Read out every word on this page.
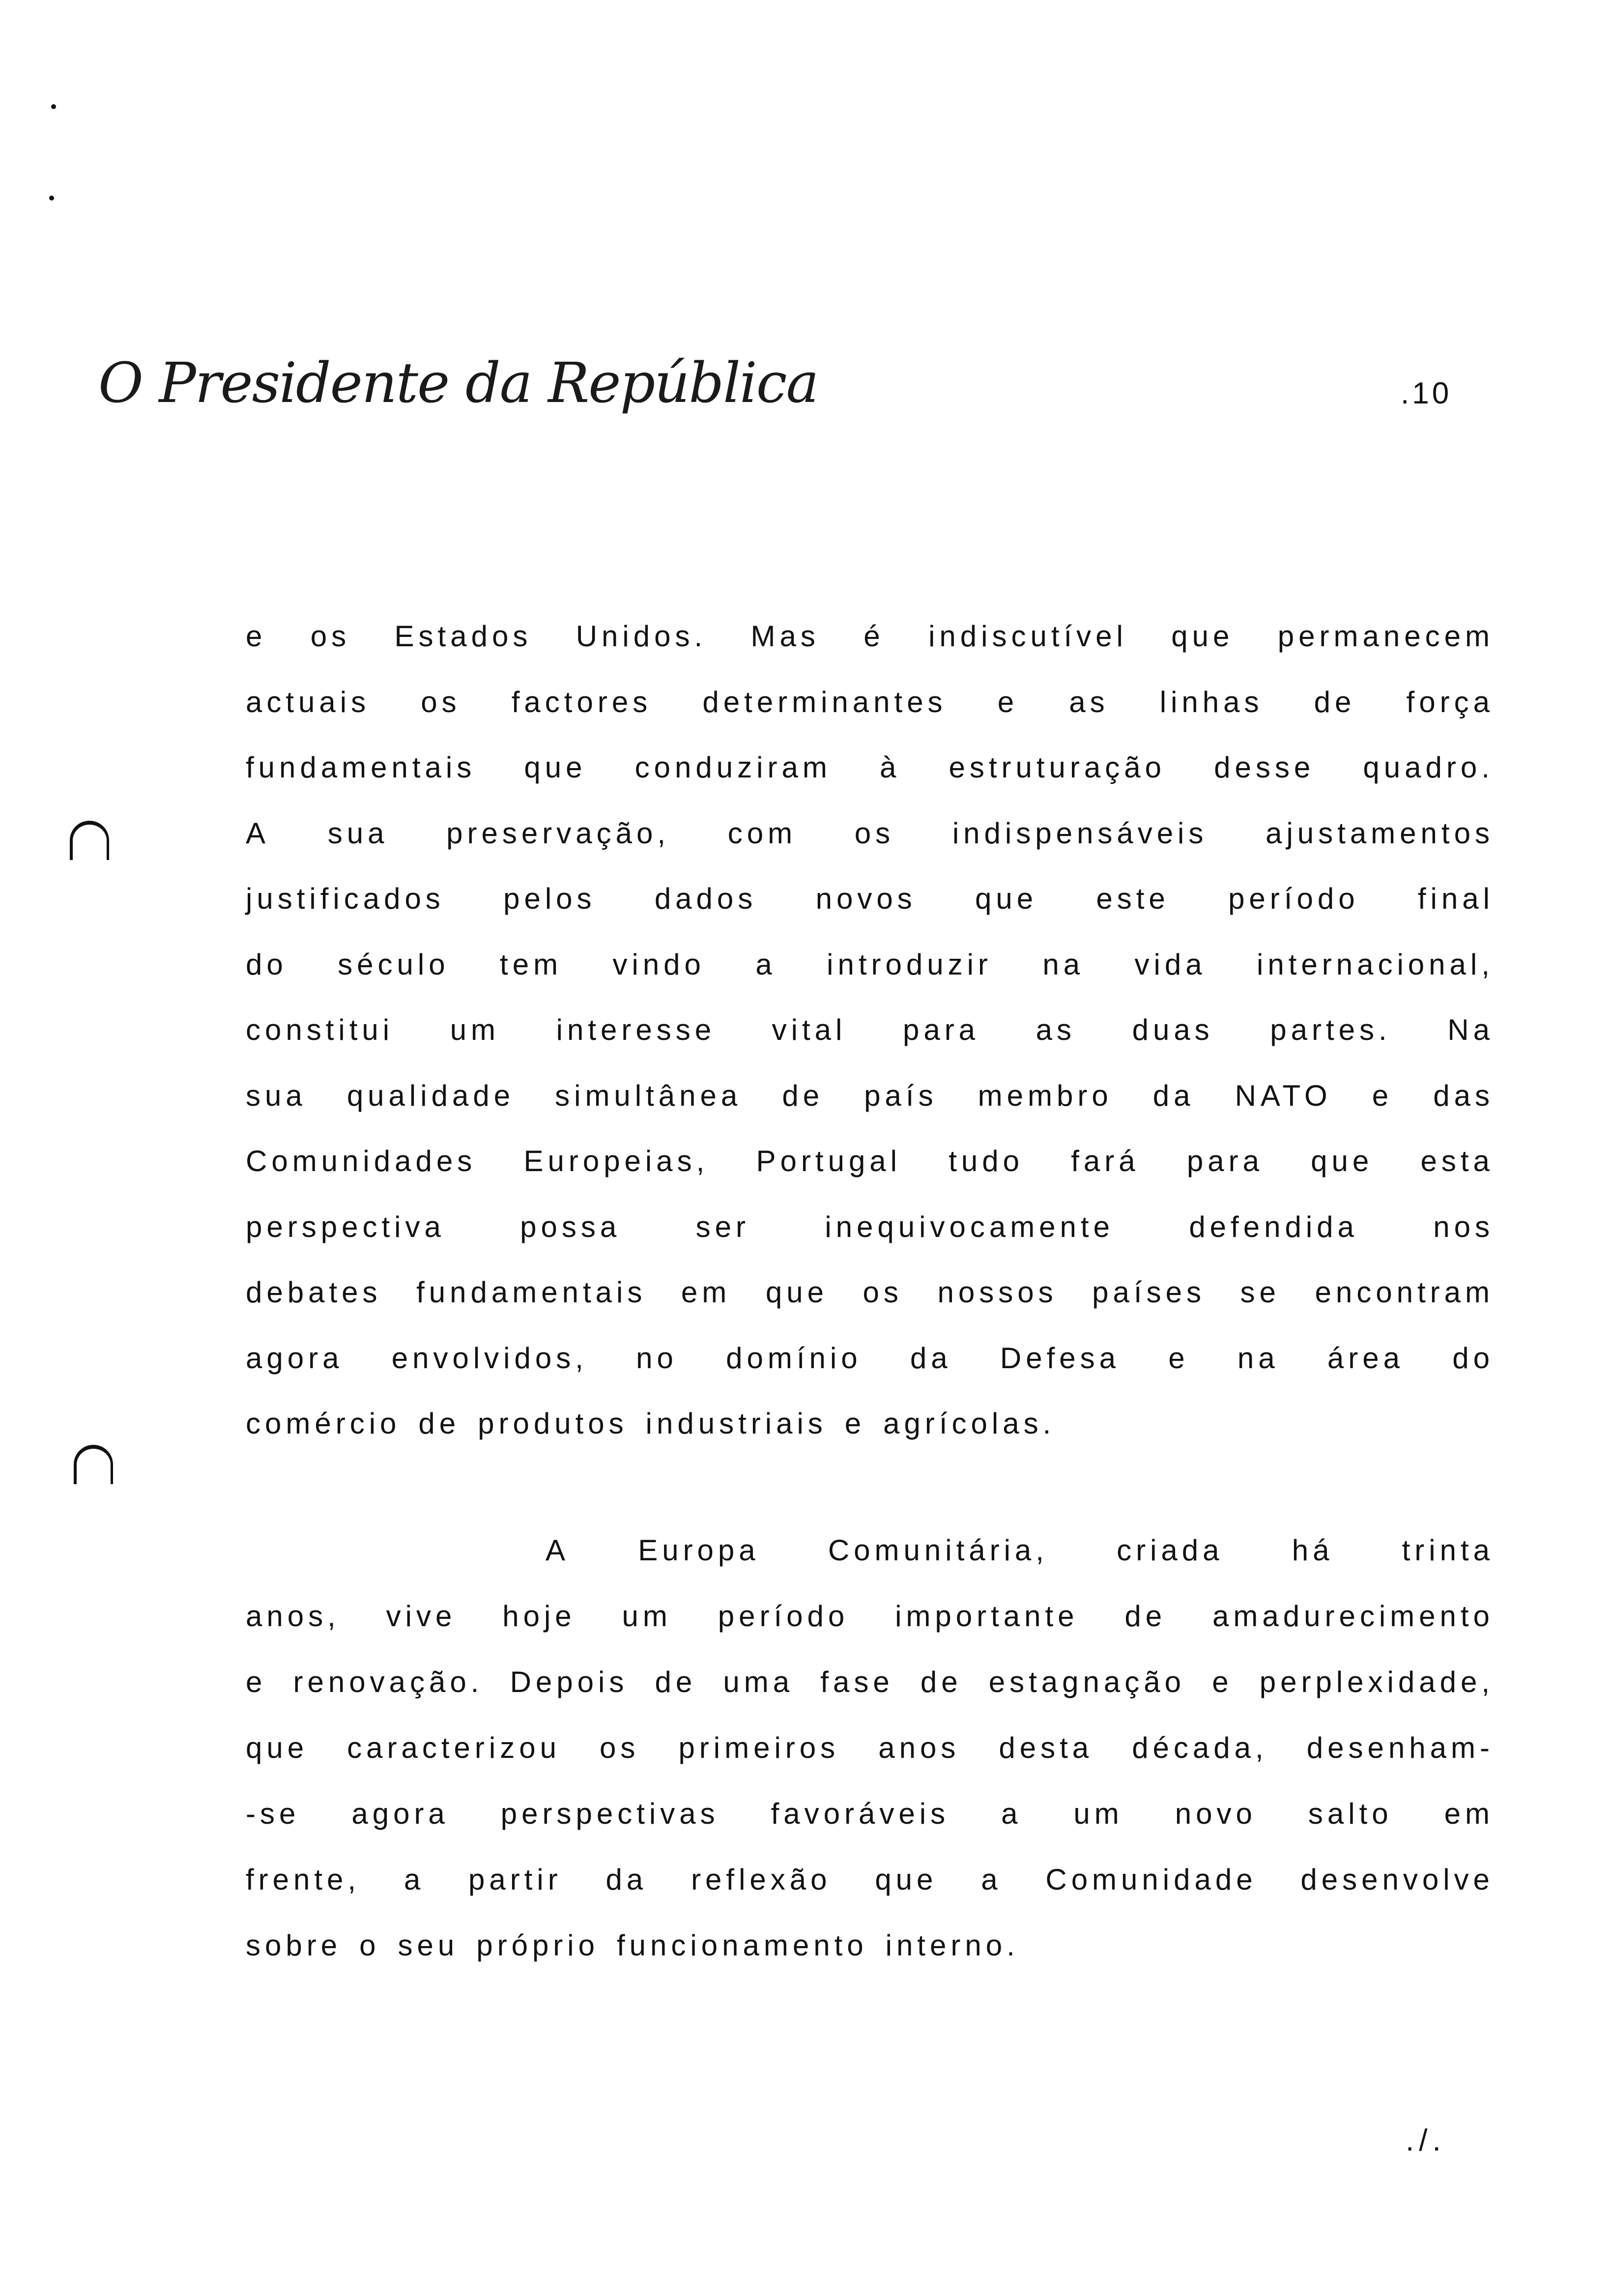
O Presidente da República	.10
e os Estados Unidos. Mas é indiscutível que permanecem
actuais os factores determinantes e as linhas de força
fundamentais que conduziram à estruturação desse quadro.
A sua preservação, com os indispensáveis ajustamentos
justificados pelos dados novos que este período final
do século tem vindo a introduzir na vida internacional,
constitui um interesse vital para as duas partes. Na
sua qualidade simultânea de país membro da NATO e das
Comunidades Europeias, Portugal tudo fará para que esta
perspectiva	possa	ser	inequivocamente	defendida	nos
debates fundamentais em que os nossos países se encontram
agora envolvidos, no domínio da Defesa e na área do
comércio de produtos industriais e agrícolas.
A Europa Comunitária, criada há trinta
anos, vive hoje um período importante de amadurecimento
e renovação. Depois de uma fase de estagnação e perplexidade,
que caracterizou os primeiros anos desta década, desenham-
-se agora perspectivas favoráveis a um novo salto em
frente, a partir da reflexão que a Comunidade desenvolve
sobre o seu próprio funcionamento interno.
./.
